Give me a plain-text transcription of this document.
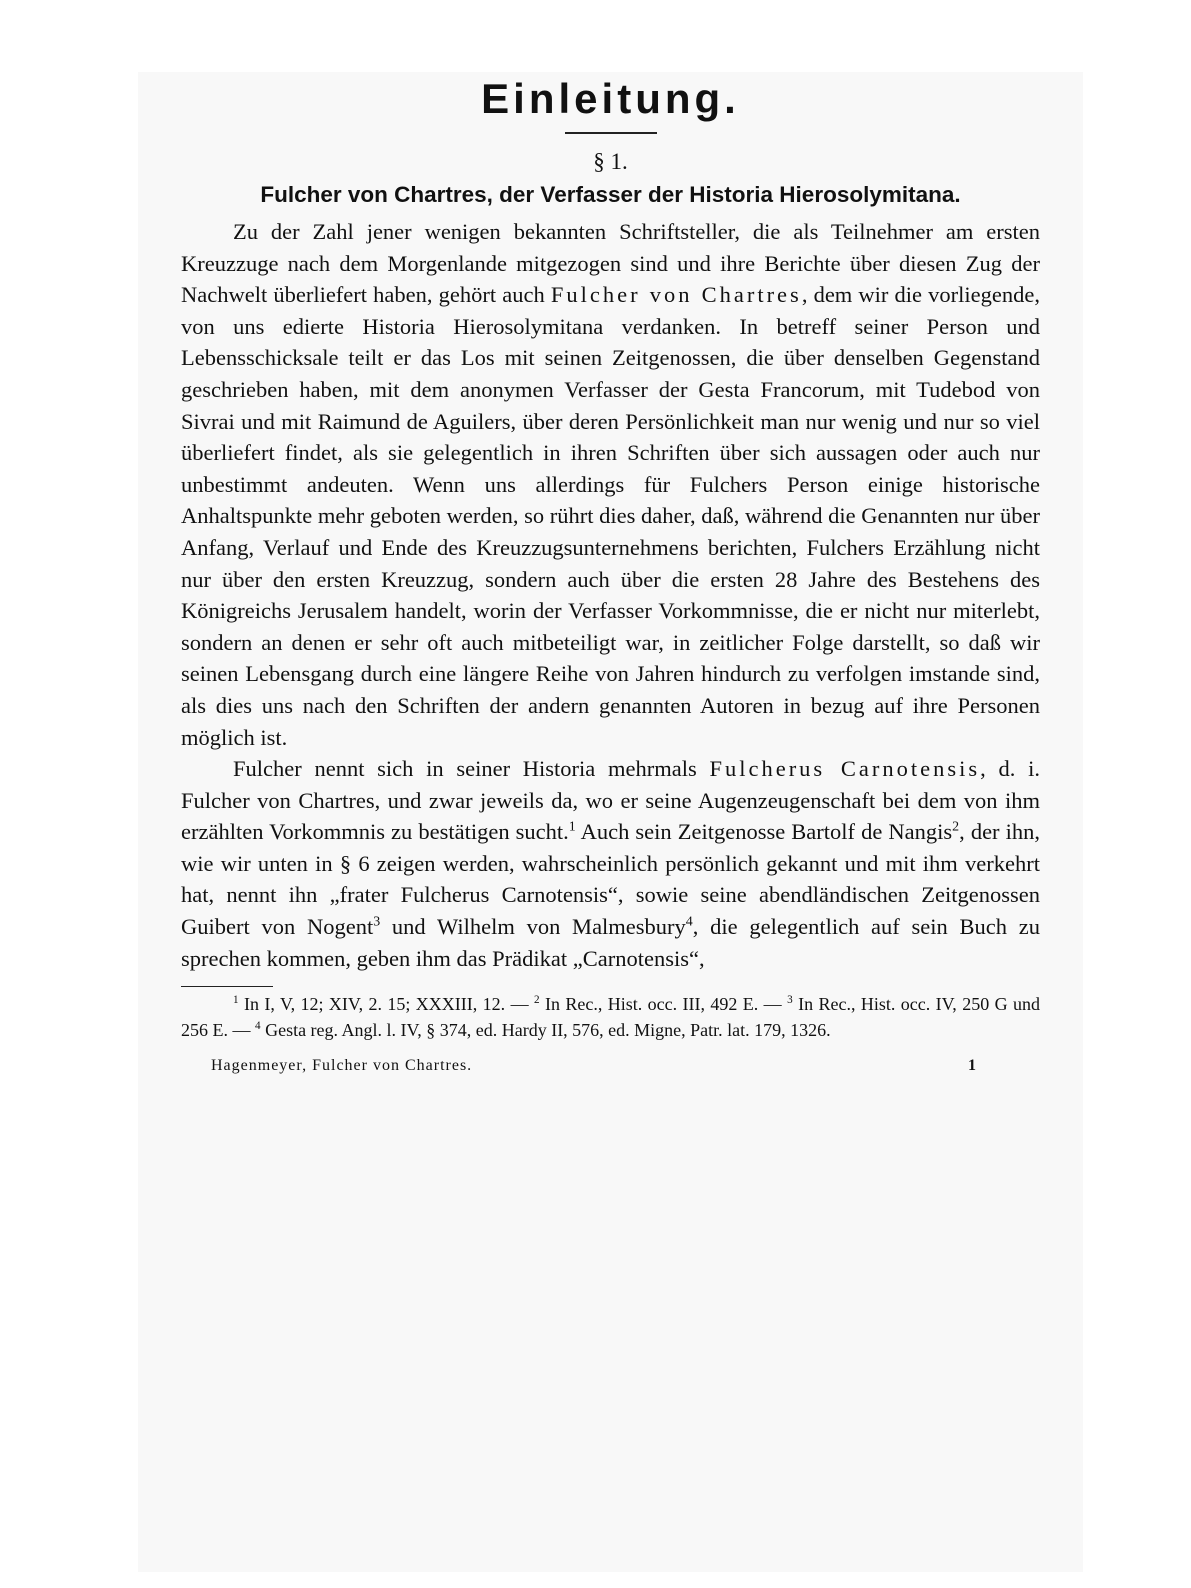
Einleitung.
§ 1.
Fulcher von Chartres, der Verfasser der Historia Hierosolymitana.

Zu der Zahl jener wenigen bekannten Schriftsteller, die als Teilnehmer am ersten Kreuzzuge nach dem Morgenlande mitgezogen sind und ihre Berichte über diesen Zug der Nachwelt überliefert haben, gehört auch Fulcher von Chartres, dem wir die vorliegende, von uns edierte Historia Hierosolymitana verdanken. In betreff seiner Person und Lebensschicksale teilt er das Los mit seinen Zeitgenossen, die über denselben Gegenstand geschrieben haben, mit dem anonymen Verfasser der Gesta Francorum, mit Tudebod von Sivrai und mit Raimund de Aguilers, über deren Persönlichkeit man nur wenig und nur so viel überliefert findet, als sie gelegentlich in ihren Schriften über sich aussagen oder auch nur unbestimmt andeuten. Wenn uns allerdings für Fulchers Person einige historische Anhaltspunkte mehr geboten werden, so rührt dies daher, daß, während die Genannten nur über Anfang, Verlauf und Ende des Kreuzzugsunternehmens berichten, Fulchers Erzählung nicht nur über den ersten Kreuzzug, sondern auch über die ersten 28 Jahre des Bestehens des Königreichs Jerusalem handelt, worin der Verfasser Vorkommnisse, die er nicht nur miterlebt, sondern an denen er sehr oft auch mitbeteiligt war, in zeitlicher Folge darstellt, so daß wir seinen Lebensgang durch eine längere Reihe von Jahren hindurch zu verfolgen imstande sind, als dies uns nach den Schriften der andern genannten Autoren in bezug auf ihre Personen möglich ist.

Fulcher nennt sich in seiner Historia mehrmals Fulcherus Carnotensis, d. i. Fulcher von Chartres, und zwar jeweils da, wo er seine Augenzeugenschaft bei dem von ihm erzählten Vorkommnis zu bestätigen sucht.$^1$ Auch sein Zeitgenosse Bartolf de Nangis$^2$, der ihn, wie wir unten in § 6 zeigen werden, wahrscheinlich persönlich gekannt und mit ihm verkehrt hat, nennt ihn „frater Fulcherus Carnotensis“, sowie seine abendländischen Zeitgenossen Guibert von Nogent$^3$ und Wilhelm von Malmesbury$^4$, die gelegentlich auf sein Buch zu sprechen kommen, geben ihm das Prädikat „Carnotensis“,

$^1$ In I, V, 12; XIV, 2. 15; XXXIII, 12. — $^2$ In Rec., Hist. occ. III, 492 E. — $^3$ In Rec., Hist. occ. IV, 250 G und 256 E. — $^4$ Gesta reg. Angl. l. IV, § 374, ed. Hardy II, 576, ed. Migne, Patr. lat. 179, 1326.
Hagenmeyer, Fulcher von Chartres.	1
